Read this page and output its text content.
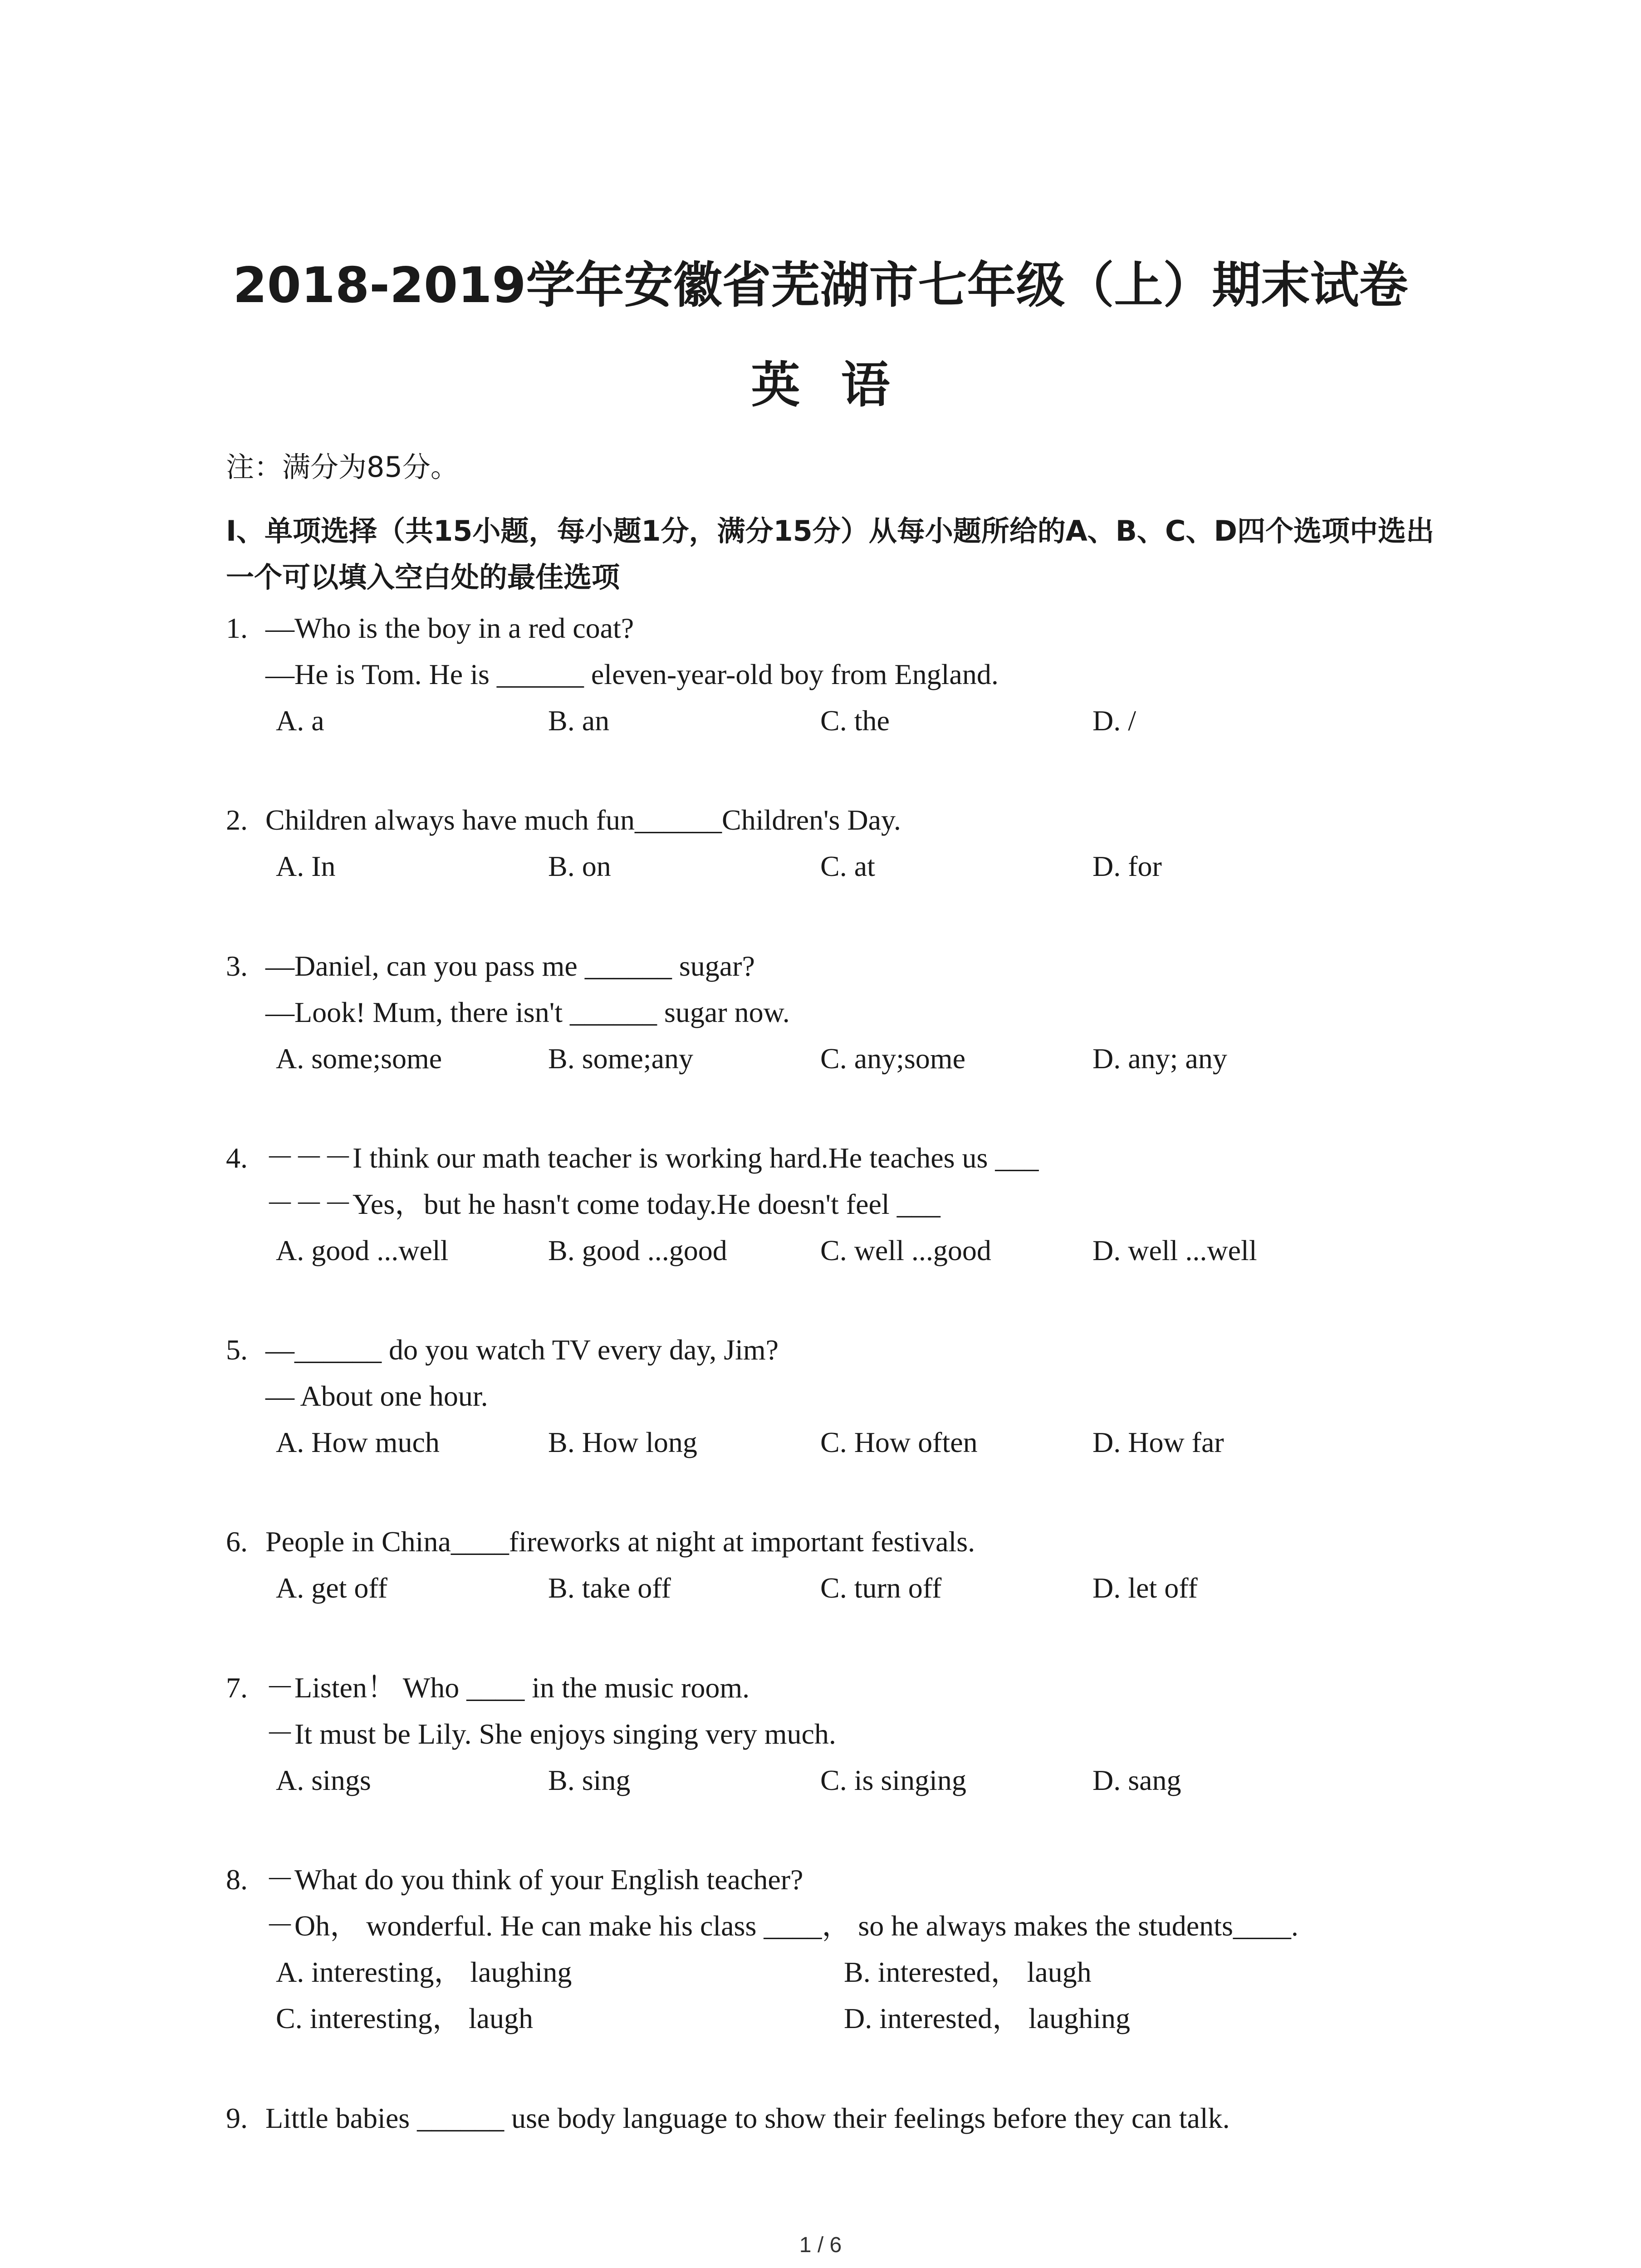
2018-2019学年安徽省芜湖市七年级（上）期末试卷
英语
注：满分为85分。
Ⅰ、单项选择（共15小题，每小题1分，满分15分）从每小题所给的A、B、C、D四个选项中选出一个可以填入空白处的最佳选项
1. —Who is the boy in a red coat?
—He is Tom. He is ______ eleven-year-old boy from England.
A. a	B. an	C. the	D. /
2. Children always have much fun______Children's Day.
A. In	B. on	C. at	D. for
3. —Daniel, can you pass me ______ sugar?
—Look! Mum, there isn't ______ sugar now.
A. some;some	B. some;any	C. any;some	D. any; any
4. －－－I think our math teacher is working hard.He teaches us ___
－－－Yes，but he hasn't come today.He doesn't feel ___
A. good ...well	B. good ...good	C. well ...good	D. well ...well
5. —______ do you watch TV every day, Jim?
— About one hour.
A. How much	B. How long	C. How often	D. How far
6. People in China____fireworks at night at important festivals.
A. get off	B. take off	C. turn off	D. let off
7. －Listen！ Who ____ in the music room.
－It must be Lily. She enjoys singing very much.
A. sings	B. sing	C. is singing	D. sang
8. －What do you think of your English teacher?
－Oh， wonderful. He can make his class ____， so he always makes the students____.
A. interesting， laughing	B. interested， laugh
C. interesting， laugh	D. interested， laughing
9. Little babies ______ use body language to show their feelings before they can talk.
1 / 6
